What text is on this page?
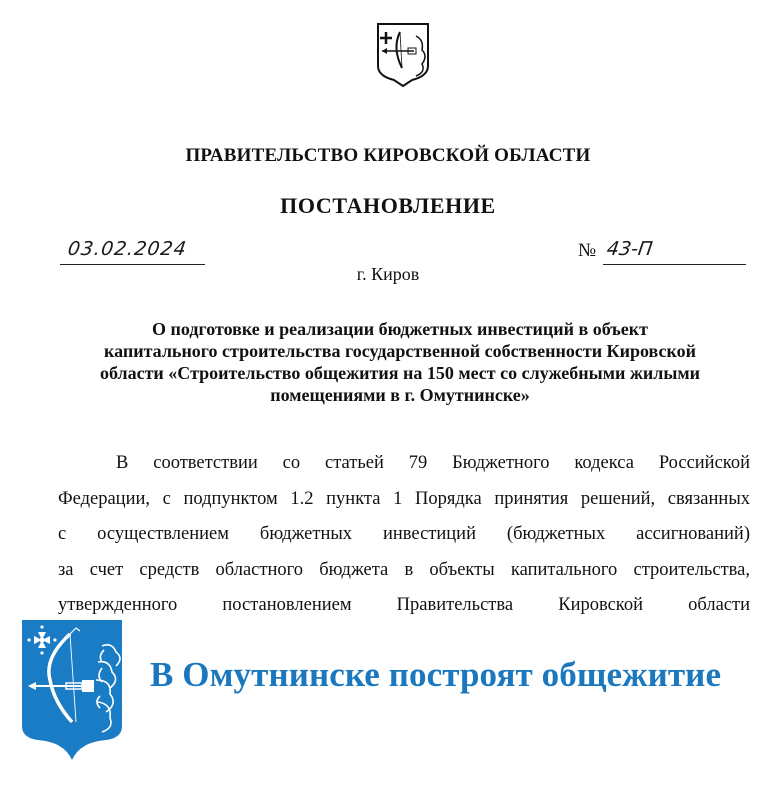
ПРАВИТЕЛЬСТВО КИРОВСКОЙ ОБЛАСТИ
ПОСТАНОВЛЕНИЕ
03.02.2024	№ 43-П
г. Киров
О подготовке и реализации бюджетных инвестиций в объект
капитального строительства государственной собственности Кировской
области «Строительство общежития на 150 мест со служебными жилыми
помещениями в г. Омутнинске»

В соответствии со статьей 79 Бюджетного кодекса Российской

Федерации, с подпунктом 1.2 пункта 1 Порядка принятия решений, связанных

с осуществлением бюджетных инвестиций (бюджетных ассигнований)

за счет средств областного бюджета в объекты капитального строительства,

утвержденного постановлением Правительства Кировской области

В Омутнинске построят общежитие
